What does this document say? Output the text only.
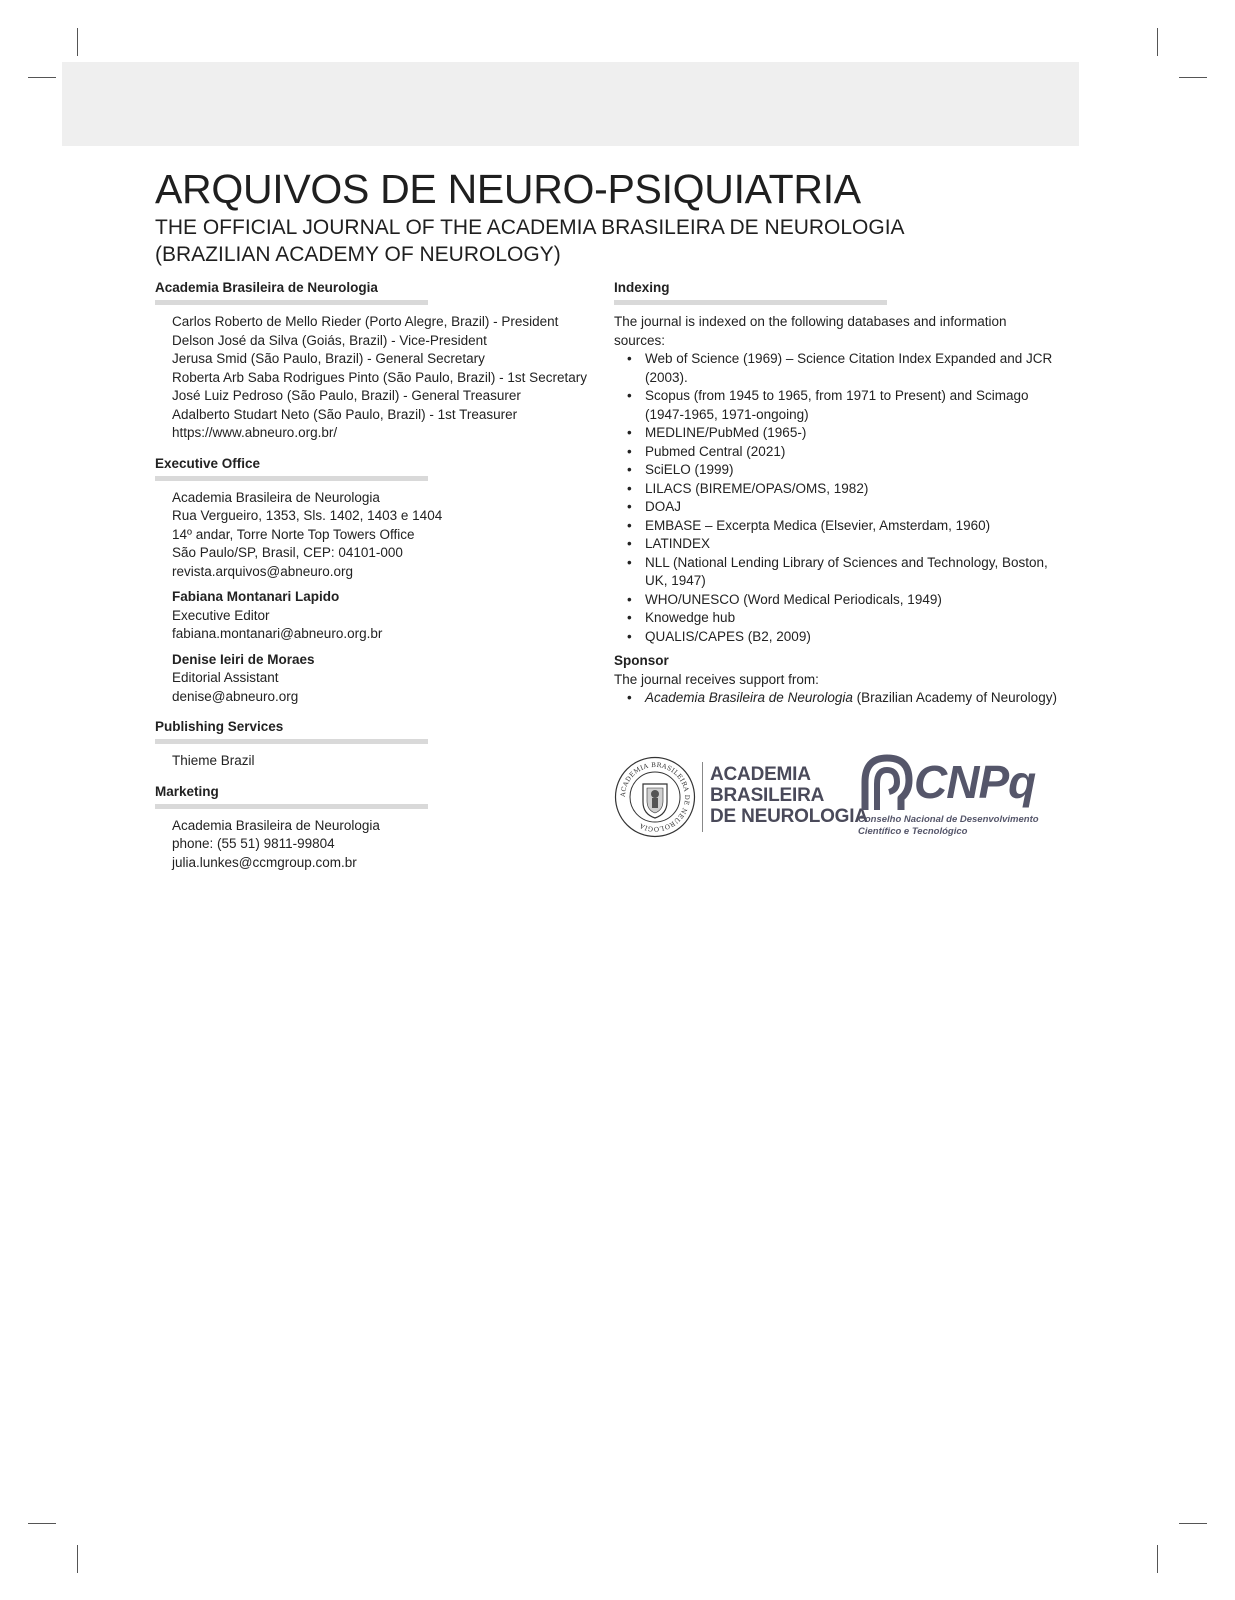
ARQUIVOS DE NEURO-PSIQUIATRIA
THE OFFICIAL JOURNAL OF THE ACADEMIA BRASILEIRA DE NEUROLOGIA
(BRAZILIAN ACADEMY OF NEUROLOGY)
Academia Brasileira de Neurologia
Carlos Roberto de Mello Rieder (Porto Alegre, Brazil) - President
Delson José da Silva (Goiás, Brazil) - Vice-President
Jerusa Smid (São Paulo, Brazil) - General Secretary
Roberta Arb Saba Rodrigues Pinto (São Paulo, Brazil) - 1st Secretary
José Luiz Pedroso (São Paulo, Brazil) - General Treasurer
Adalberto Studart Neto (São Paulo, Brazil) - 1st Treasurer
https://www.abneuro.org.br/
Executive Office
Academia Brasileira de Neurologia
Rua Vergueiro, 1353, Sls. 1402, 1403 e 1404
14º andar, Torre Norte Top Towers Office
São Paulo/SP, Brasil, CEP: 04101-000
revista.arquivos@abneuro.org
Fabiana Montanari Lapido
Executive Editor
fabiana.montanari@abneuro.org.br
Denise Ieiri de Moraes
Editorial Assistant
denise@abneuro.org
Publishing Services
Thieme Brazil
Marketing
Academia Brasileira de Neurologia
phone: (55 51) 9811-99804
julia.lunkes@ccmgroup.com.br
Indexing
The journal is indexed on the following databases and information
sources:
• Web of Science (1969) – Science Citation Index Expanded and JCR (2003).
• Scopus (from 1945 to 1965, from 1971 to Present) and Scimago (1947-1965, 1971-ongoing)
• MEDLINE/PubMed (1965-)
• Pubmed Central (2021)
• SciELO (1999)
• LILACS (BIREME/OPAS/OMS, 1982)
• DOAJ
• EMBASE – Excerpta Medica (Elsevier, Amsterdam, 1960)
• LATINDEX
• NLL (National Lending Library of Sciences and Technology, Boston, UK, 1947)
• WHO/UNESCO (Word Medical Periodicals, 1949)
• Knowedge hub
• QUALIS/CAPES (B2, 2009)
Sponsor
The journal receives support from:
• Academia Brasileira de Neurologia (Brazilian Academy of Neurology)
ACADEMIA BRASILEIRA DE NEUROLOGIA
ACADEMIA
BRASILEIRA
DE NEUROLOGIA
CNPq
Conselho Nacional de Desenvolvimento
Científico e Tecnológico
